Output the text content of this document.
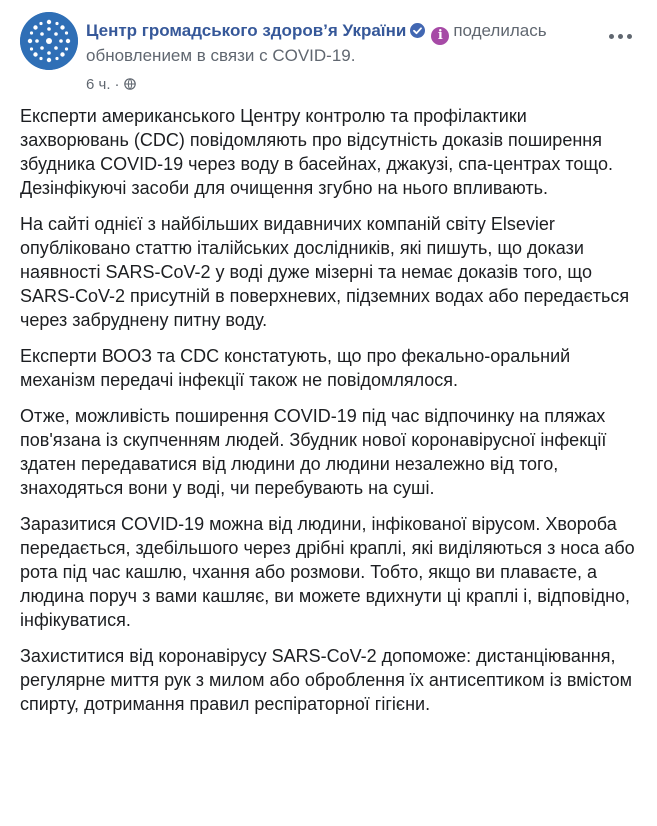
Центр громадського здоров’я України i поделилась обновлением в связи с COVID-19.
6 ч. ·

Експерти американського Центру контролю та профілактики захворювань (CDC) повідомляють про відсутність доказів поширення збудника COVID-19 через воду в басейнах, джакузі, спа-центрах тощо. Дезінфікуючі засоби для очищення згубно на нього впливають.

На сайті однієї з найбільших видавничих компаній світу Elsevier опубліковано статтю італійських дослідників, які пишуть, що докази наявності SARS-CoV-2 у воді дуже мізерні та немає доказів того, що SARS-CoV-2 присутній в поверхневих, підземних водах або передається через забруднену питну воду.

Експерти ВООЗ та CDC констатують, що про фекально-оральний механізм передачі інфекції також не повідомлялося.

Отже, можливість поширення COVID-19 під час відпочинку на пляжах пов'язана із скупченням людей. Збудник нової коронавірусної інфекції здатен передаватися від людини до людини незалежно від того, знаходяться вони у воді, чи перебувають на суші.

Заразитися COVID-19 можна від людини, інфікованої вірусом. Хвороба передається, здебільшого через дрібні краплі, які виділяються з носа або рота під час кашлю, чхання або розмови. Тобто, якщо ви плаваєте, а людина поруч з вами кашляє, ви можете вдихнути ці краплі і, відповідно, інфікуватися.

Захиститися від коронавірусу SARS-CoV-2 допоможе: дистанціювання, регулярне миття рук з милом або оброблення їх антисептиком із вмістом спирту, дотримання правил респіраторної гігієни.
